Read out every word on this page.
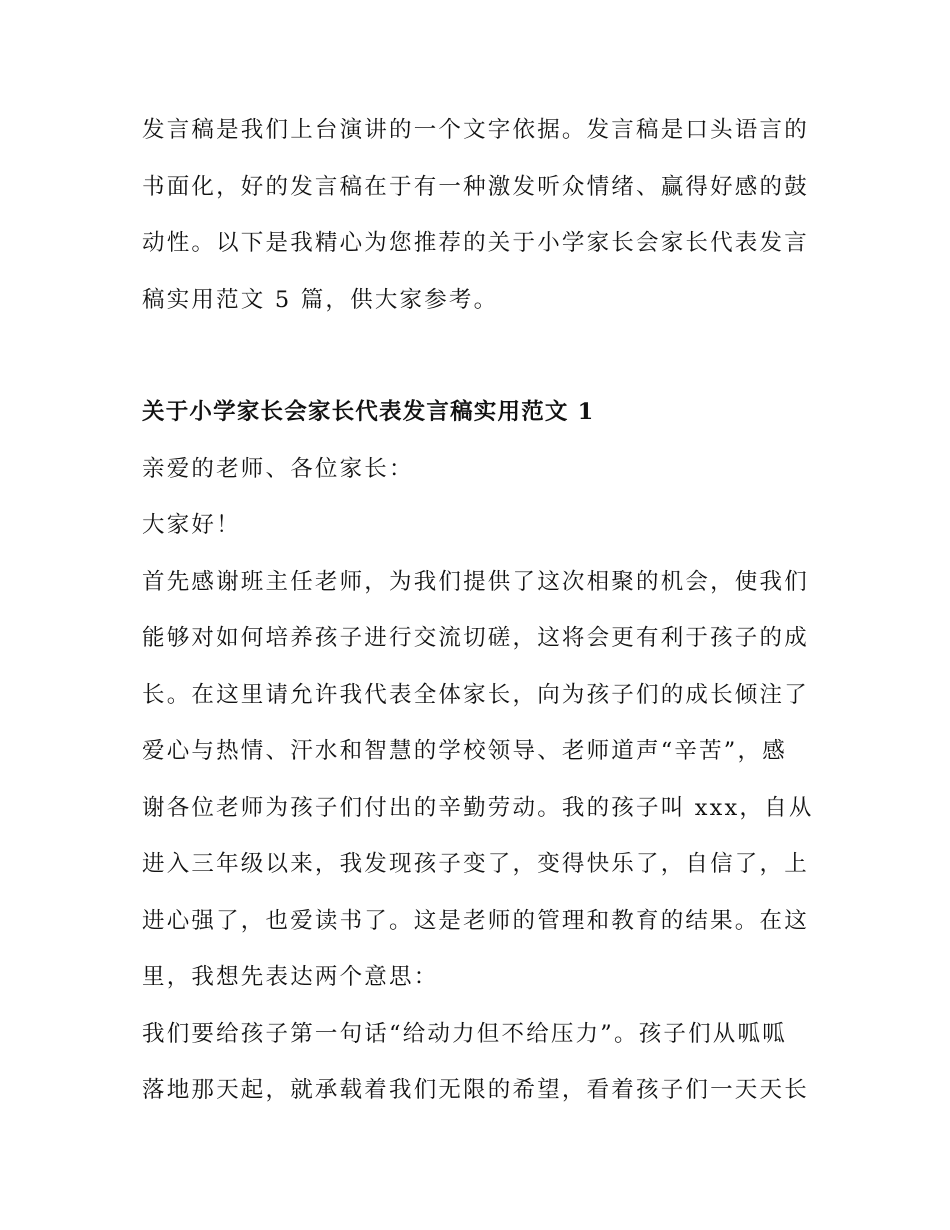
发言稿是我们上台演讲的一个文字依据。发言稿是口头语言的
书面化，好的发言稿在于有一种激发听众情绪、赢得好感的鼓
动性。以下是我精心为您推荐的关于小学家长会家长代表发言
稿实用范文 5 篇，供大家参考。
关于小学家长会家长代表发言稿实用范文 1
亲爱的老师、各位家长：
大家好！
首先感谢班主任老师，为我们提供了这次相聚的机会，使我们
能够对如何培养孩子进行交流切磋，这将会更有利于孩子的成
长。在这里请允许我代表全体家长，向为孩子们的成长倾注了
爱心与热情、汗水和智慧的学校领导、老师道声“辛苦”，感
谢各位老师为孩子们付出的辛勤劳动。我的孩子叫 xxx，自从
进入三年级以来，我发现孩子变了，变得快乐了，自信了，上
进心强了，也爱读书了。这是老师的管理和教育的结果。在这
里，我想先表达两个意思：
我们要给孩子第一句话“给动力但不给压力”。孩子们从呱呱
落地那天起，就承载着我们无限的希望，看着孩子们一天天长
